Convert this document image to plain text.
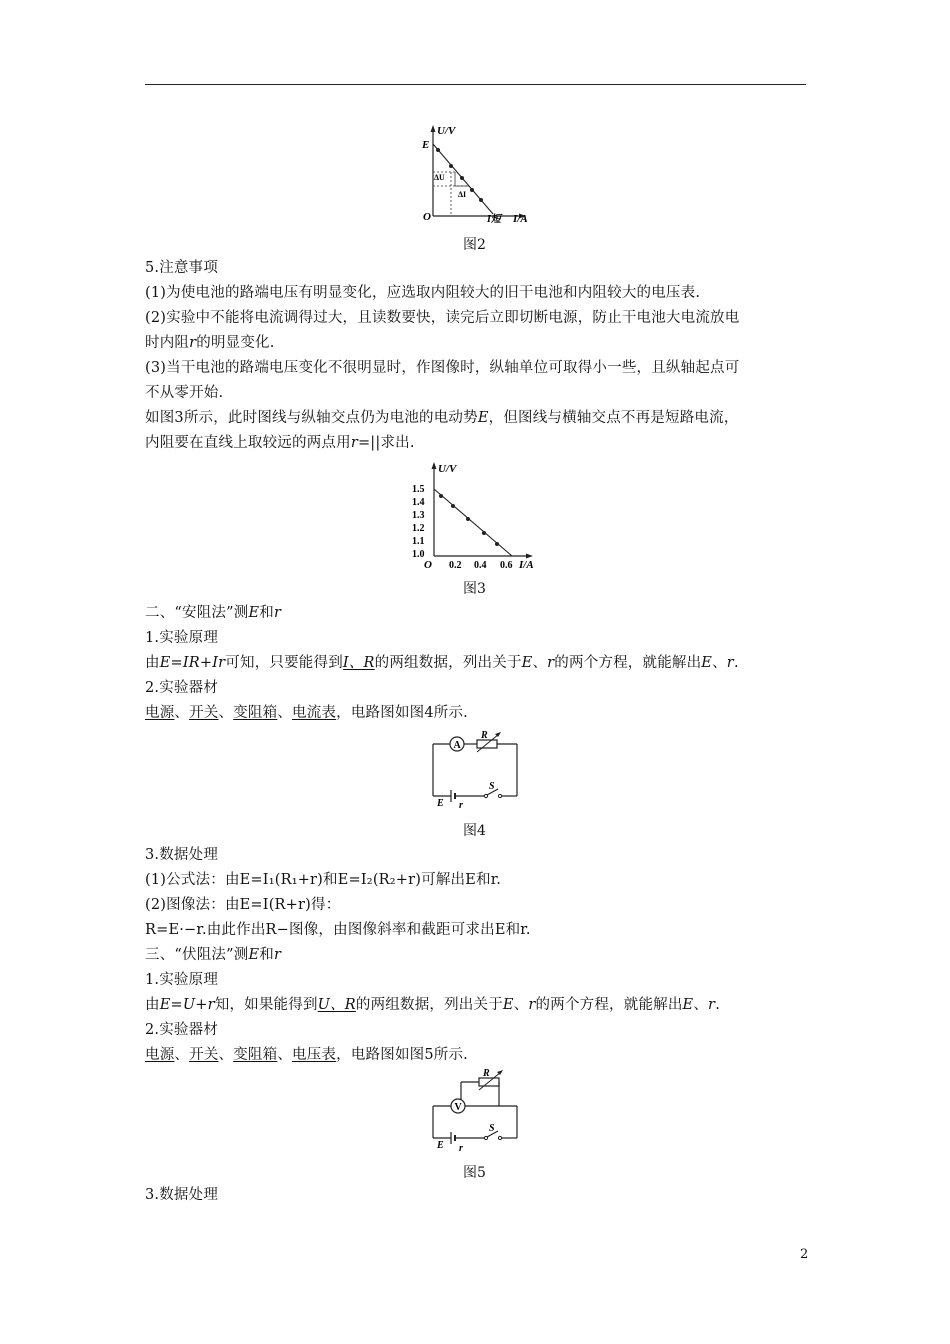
U/V
E
ΔU
ΔI
O	I短 I/A
图2
5.注意事项
(1)为使电池的路端电压有明显变化，应选取内阻较大的旧干电池和内阻较大的电压表.
(2)实验中不能将电流调得过大，且读数要快，读完后立即切断电源，防止干电池大电流放电
时内阻r的明显变化.
(3)当干电池的路端电压变化不很明显时，作图像时，纵轴单位可取得小一些，且纵轴起点可
不从零开始.
如图3所示，此时图线与纵轴交点仍为电池的电动势E，但图线与横轴交点不再是短路电流，
内阻要在直线上取较远的两点用r=||求出.
U/V
1.5
1.4
1.3
1.2
1.1
1.0
O 0.2 0.4 0.6 I/A
图3
二、“安阻法”测E和r
1.实验原理
由E=IR+Ir可知，只要能得到I、R的两组数据，列出关于E、r的两个方程，就能解出E、r.
2.实验器材
电源、开关、变阻箱、电流表，电路图如图4所示.
A
R
S
E r
图4
3.数据处理
(1)公式法：由E=I₁(R₁+r)和E=I₂(R₂+r)可解出E和r.
(2)图像法：由E=I(R+r)得：
R=E·−r.由此作出R−图像，由图像斜率和截距可求出E和r.
三、“伏阻法”测E和r
1.实验原理
由E=U+r知，如果能得到U、R的两组数据，列出关于E、r的两个方程，就能解出E、r.
2.实验器材
电源、开关、变阻箱、电压表，电路图如图5所示.
R
V
S
E r
图5
3.数据处理
2
